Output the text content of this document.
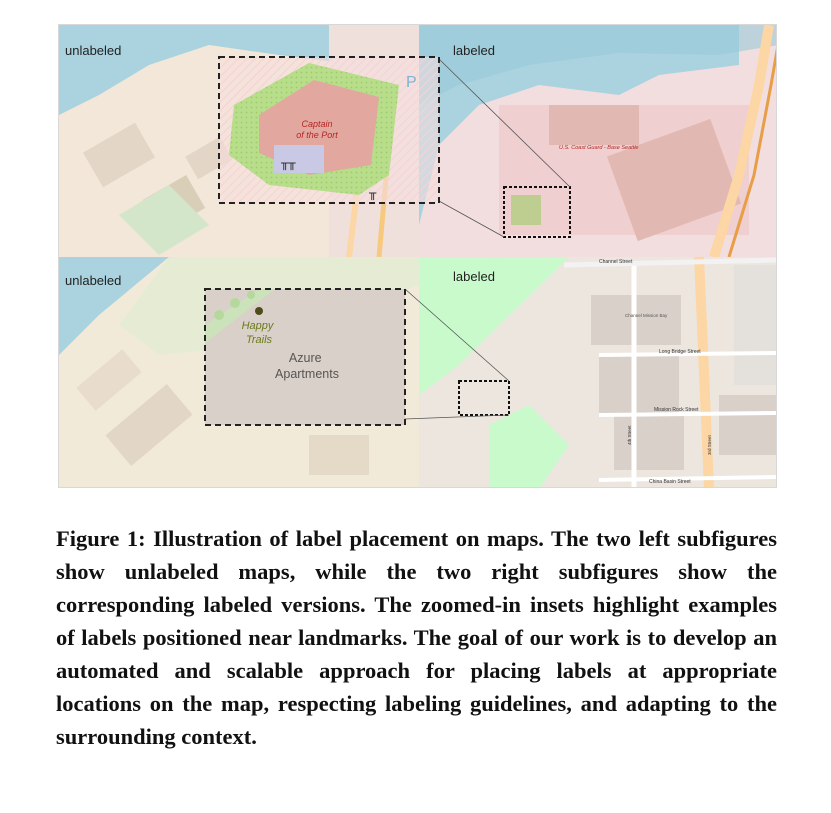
unlabeled
U.S. Coast Guard - Base Seattle
labeled
╥╥
╥
P
Captain of the Port
unlabeled
Long Bridge Street
Mission Rock Street
Channel Street
China Basin Street
Channel Mission Bay
3rd Street
4th Street
labeled
Happy Trails
Azure Apartments

Figure 1: Illustration of label placement on maps. The two left subfigures show unlabeled maps, while the two right subfigures show the corresponding labeled versions. The zoomed-in insets highlight examples of labels positioned near landmarks. The goal of our work is to develop an automated and scalable approach for placing labels at appropriate locations on the map, respecting labeling guidelines, and adapting to the surrounding context.
